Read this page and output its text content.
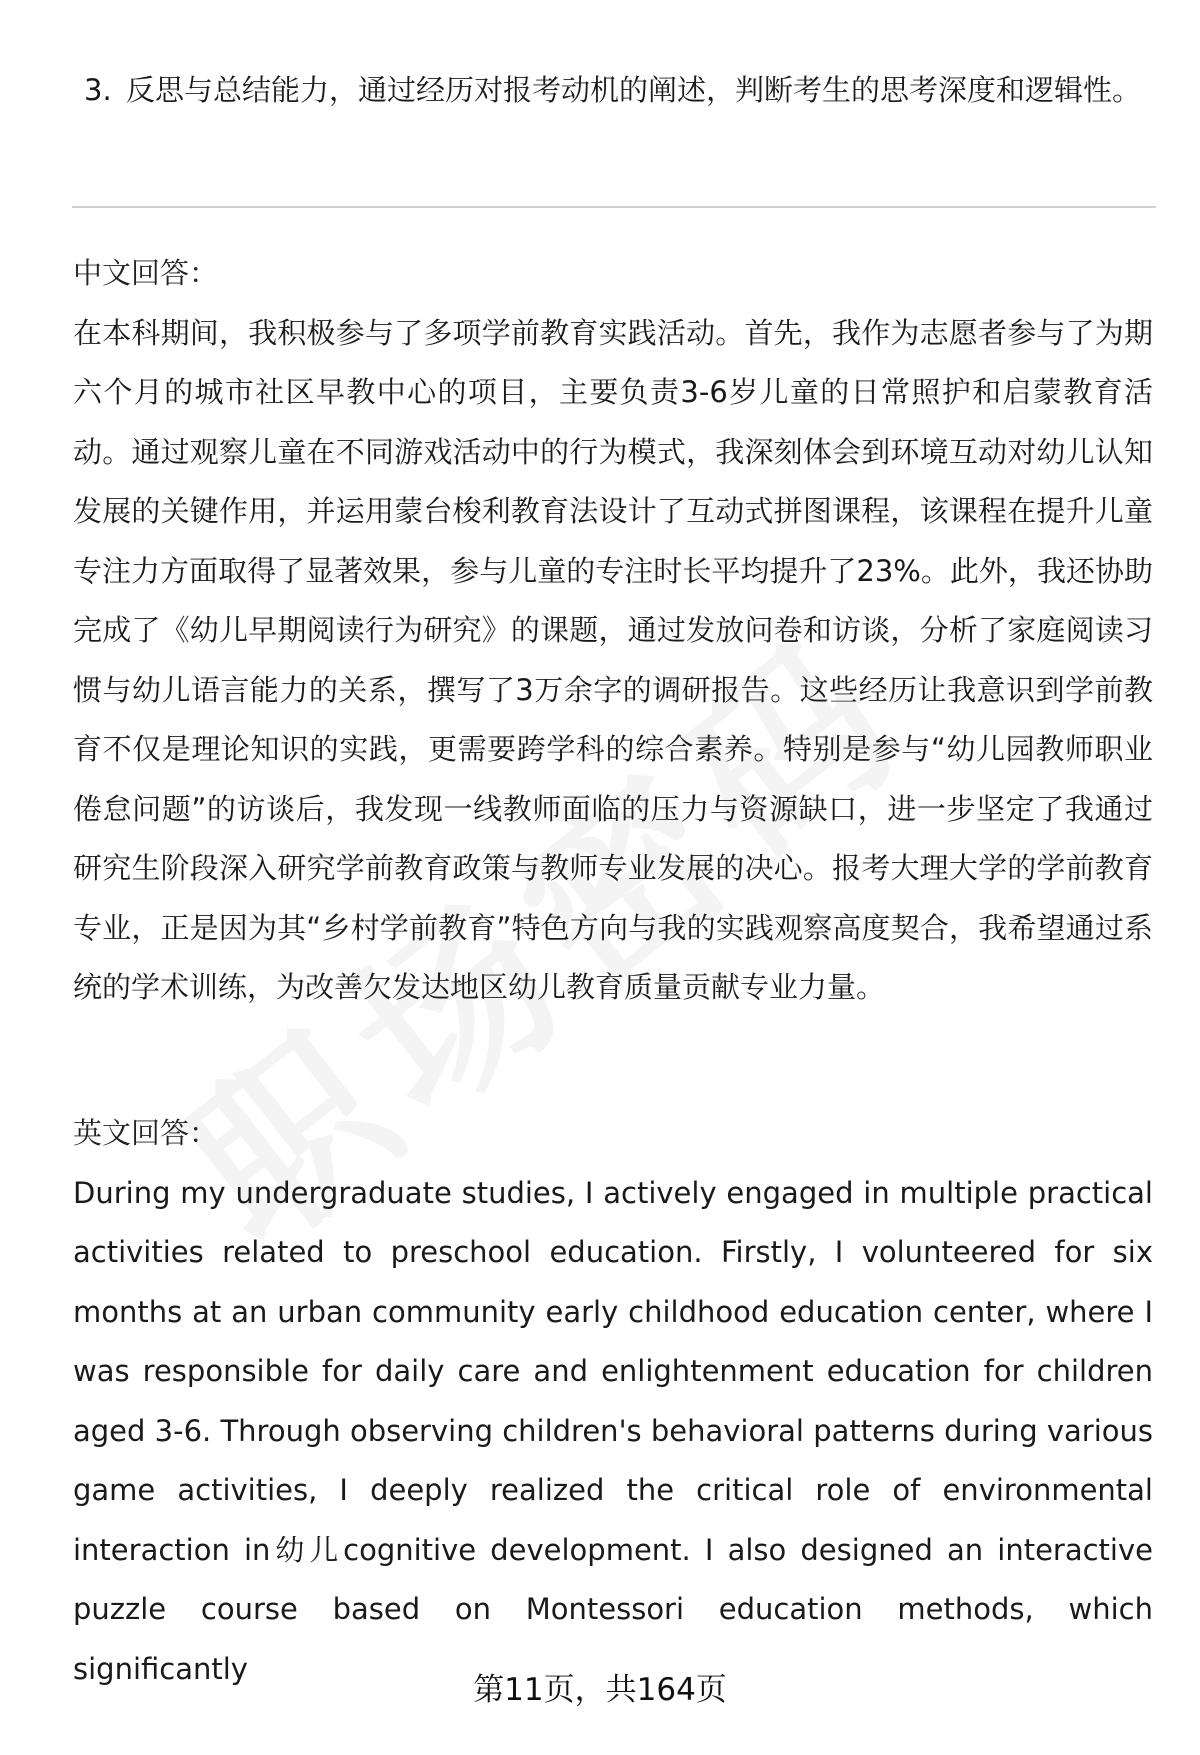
3. 反思与总结能力，通过经历对报考动机的阐述，判断考生的思考深度和逻辑性。

中文回答：

在本科期间，我积极参与了多项学前教育实践活动。首先，我作为志愿者参与了为期六个月的城市社区早教中心的项目，主要负责3-6岁儿童的日常照护和启蒙教育活动。通过观察儿童在不同游戏活动中的行为模式，我深刻体会到环境互动对幼儿认知发展的关键作用，并运用蒙台梭利教育法设计了互动式拼图课程，该课程在提升儿童专注力方面取得了显著效果，参与儿童的专注时长平均提升了23%。此外，我还协助完成了《幼儿早期阅读行为研究》的课题，通过发放问卷和访谈，分析了家庭阅读习惯与幼儿语言能力的关系，撰写了3万余字的调研报告。这些经历让我意识到学前教育不仅是理论知识的实践，更需要跨学科的综合素养。特别是参与“幼儿园教师职业倦怠问题”的访谈后，我发现一线教师面临的压力与资源缺口，进一步坚定了我通过研究生阶段深入研究学前教育政策与教师专业发展的决心。报考大理大学的学前教育专业，正是因为其“乡村学前教育”特色方向与我的实践观察高度契合，我希望通过系统的学术训练，为改善欠发达地区幼儿教育质量贡献专业力量。

英文回答：

During my undergraduate studies, I actively engaged in multiple practical activities related to preschool education. Firstly, I volunteered for six months at an urban community early childhood education center, where I was responsible for daily care and enlightenment education for children aged 3-6. Through observing children's behavioral patterns during various game activities, I deeply realized the critical role of environmental interaction in幼儿cognitive development. I also designed an interactive puzzle course based on Montessori education methods, which significantly

第11页，共164页
